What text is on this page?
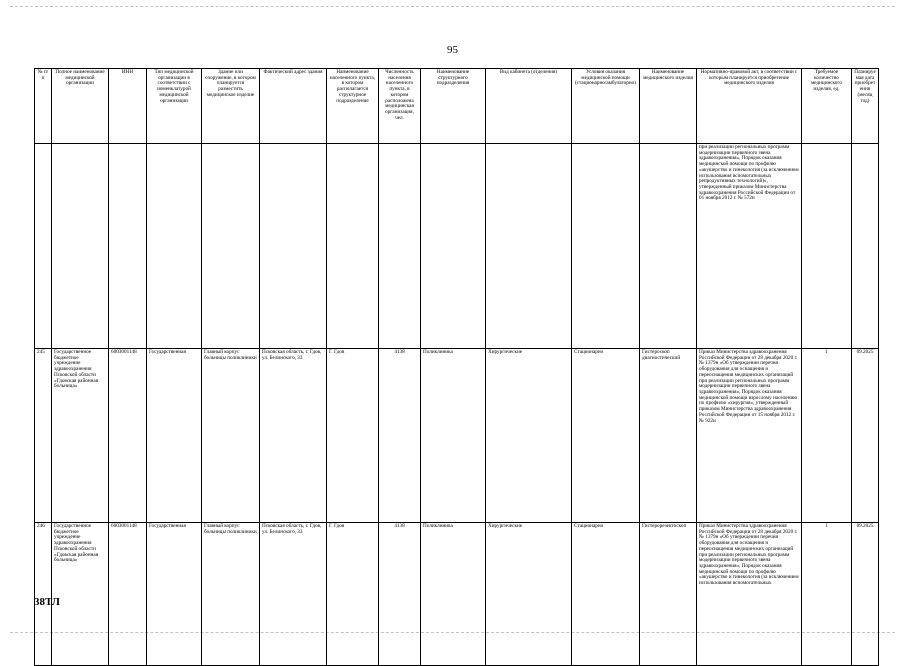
95
№ п/п	Полное наименование медицинской организации	ИНН	Тип медицинской организации в соответствии с номенклатурой медицинской организации	Здание или сооружение, в котором планируется разместить медицинское изделие	Фактический адрес здания	Наименование населенного пункта, в котором располагается структурное подразделение	Численность населения населенного пункта, в котором расположена медицинская организация, чел.	Наименование структурного подразделения	Вид кабинета (отделения)	Условия оказания медицинской помощи (стационарно/амбулаторно)	Наименование медицинского изделия	Нормативно-правовой акт, в соответствии с которым планируется приобретение медицинского изделия	Требуемое количество медицинского изделия, ед.	Планируемая дата приобретения (месяц год)
												при реализации региональных программ модернизации первичного звена здравоохранения», Порядок оказания медицинской помощи по профилю «акушерство и гинекология (за исключением использования вспомогательных репродуктивных технологий)», утвержденный приказом Министерства здравоохранения Российской Федерации от 01 ноября 2012 г. № 572н		
245	Государственное бюджетное учреждение здравоохранения Псковской области «Гдовская районная больница»	6003001148	Государственная	Главный корпус больницы поликлиники	Псковская область, г. Гдов, ул. Белинского, 33	Г. Гдов	4138	Поликлиника	Хирургические	Стационарно	Гистероскоп диагностический	Приказ Министерства здравоохранения Российской Федерации от 28 декабря 2020 г. № 1379н «Об утверждении перечня оборудования для оснащения и переоснащения медицинских организаций при реализации региональных программ модернизации первичного звена здравоохранения», Порядок оказания медицинской помощи взрослому населению по профилю «хирургия», утвержденный приказом Министерства здравоохранения Российской Федерации от 15 ноября 2012 г. № 922н	1	09.2025
246	Государственное бюджетное учреждение здравоохранения Псковской области «Гдовская районная больница»	6003001148	Государственная	Главный корпус больницы поликлиники	Псковская область, г. Гдов, ул. Белинского, 33	Г. Гдов	4138	Поликлиника	Хирургические	Стационарно	Гистерорезектоскоп	Приказ Министерства здравоохранения Российской Федерации от 28 декабря 2020 г. № 1379н «Об утверждении перечня оборудования для оснащения и переоснащения медицинских организаций при реализации региональных программ модернизации первичного звена здравоохранения», Порядок оказания медицинской помощи по профилю «акушерство и гинекология (за исключением использования вспомогательных	1	09.2025
38ТЛ
